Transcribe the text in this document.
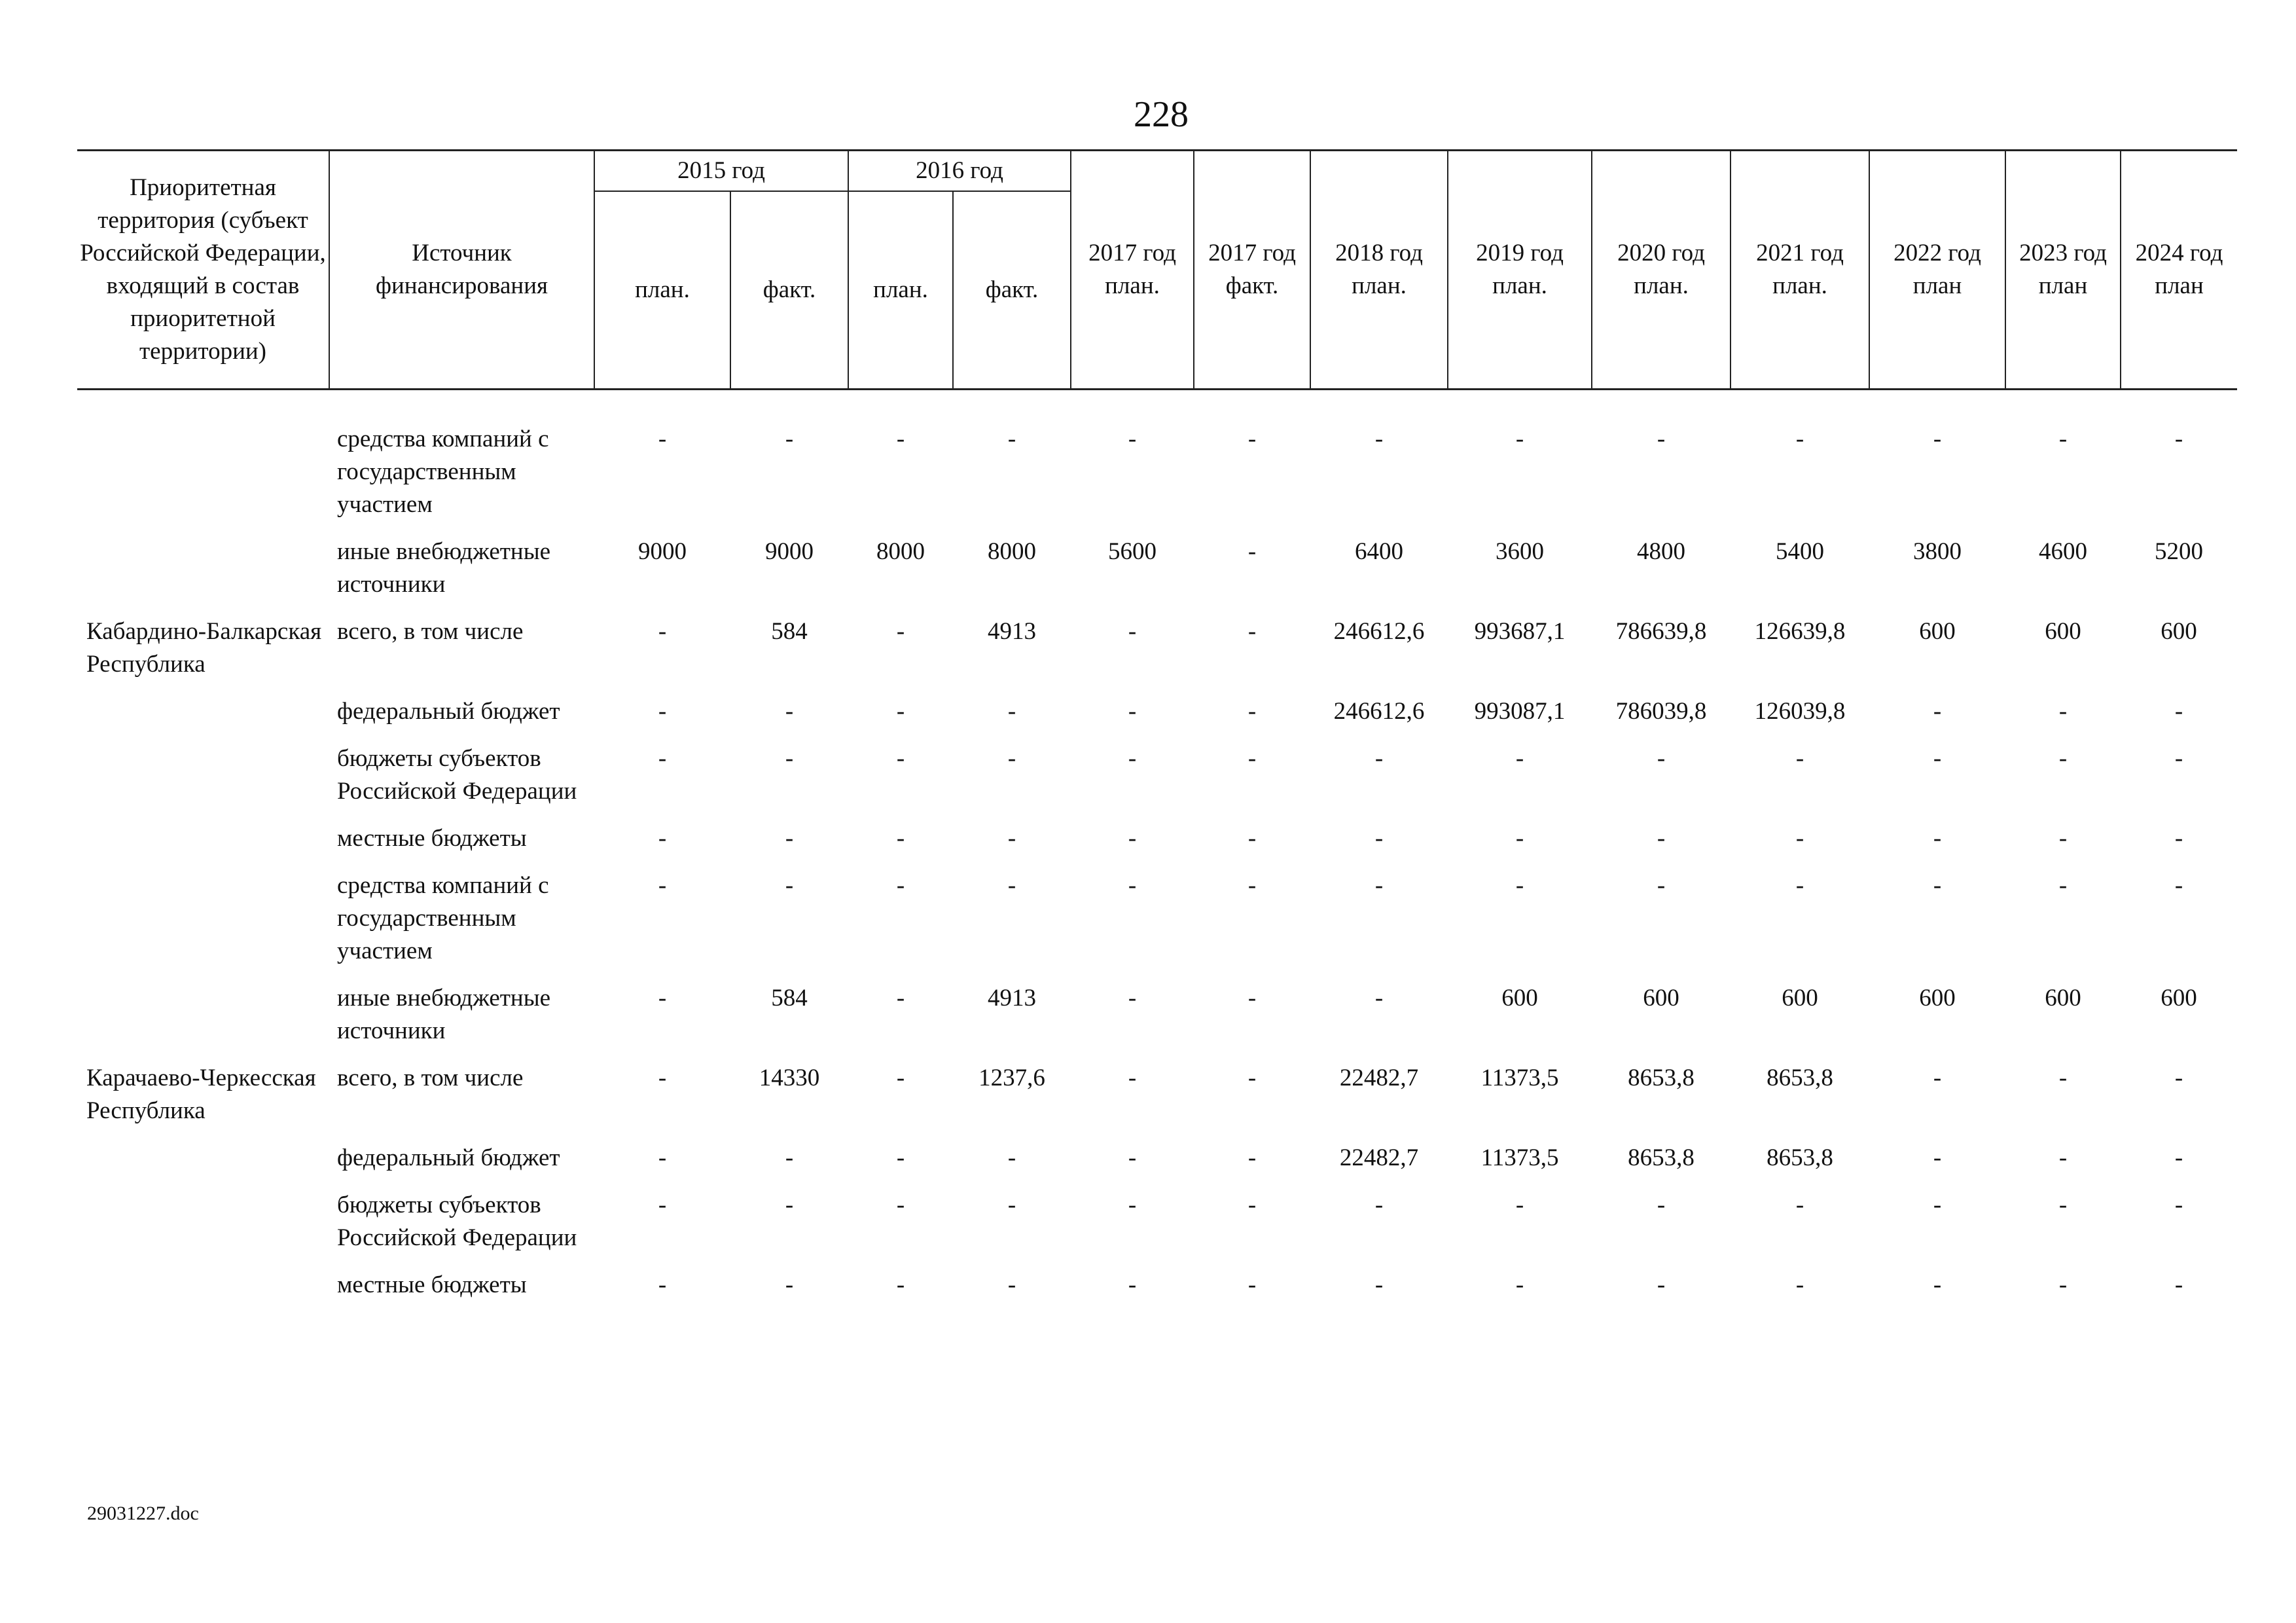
228
Приоритетная территория (субъект Российской Федерации, входящий в состав приоритетной территории)	Источник финансирования	2015 год		2016 год		2017 год план.	2017 год факт.	2018 год план.	2019 год план.	2020 год план.	2021 год план.	2022 год план	2023 год план	2024 год план
		план.	факт.	план.	факт.									
	средства компаний с государственным участием	-	-	-	-	-	-	-	-	-	-	-	-	-
	иные внебюджетные источники	9000	9000	8000	8000	5600	-	6400	3600	4800	5400	3800	4600	5200
Кабардино-Балкарская Республика	всего, в том числе	-	584	-	4913	-	-	246612,6	993687,1	786639,8	126639,8	600	600	600
	федеральный бюджет	-	-	-	-	-	-	246612,6	993087,1	786039,8	126039,8	-	-	-
	бюджеты субъектов Российской Федерации	-	-	-	-	-	-	-	-	-	-	-	-	-
	местные бюджеты	-	-	-	-	-	-	-	-	-	-	-	-	-
	средства компаний с государственным участием	-	-	-	-	-	-	-	-	-	-	-	-	-
	иные внебюджетные источники	-	584	-	4913	-	-	-	600	600	600	600	600	600
Карачаево-Черкесская Республика	всего, в том числе	-	14330	-	1237,6	-	-	22482,7	11373,5	8653,8	8653,8	-	-	-
	федеральный бюджет	-	-	-	-	-	-	22482,7	11373,5	8653,8	8653,8	-	-	-
	бюджеты субъектов Российской Федерации	-	-	-	-	-	-	-	-	-	-	-	-	-
	местные бюджеты	-	-	-	-	-	-	-	-	-	-	-	-	-
29031227.doc
